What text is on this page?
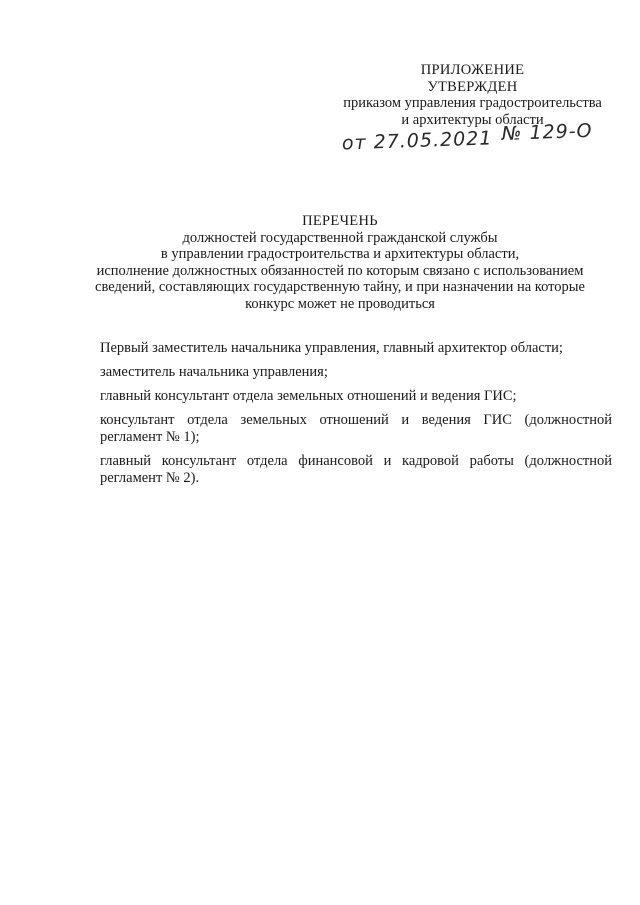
ПРИЛОЖЕНИЕ
УТВЕРЖДЕН
приказом управления градостроительства
и архитектуры области
от 27.05.2021 № 129-О
ПЕРЕЧЕНЬ
должностей государственной гражданской службы
в управлении градостроительства и архитектуры области,
исполнение должностных обязанностей по которым связано с использованием
сведений, составляющих государственную тайну, и при назначении на которые
конкурс может не проводиться

Первый заместитель начальника управления, главный архитектор области;

заместитель начальника управления;

главный консультант отдела земельных отношений и ведения ГИС;

консультант отдела земельных отношений и ведения ГИС (должностной регламент № 1);

главный консультант отдела финансовой и кадровой работы (должностной регламент № 2).
